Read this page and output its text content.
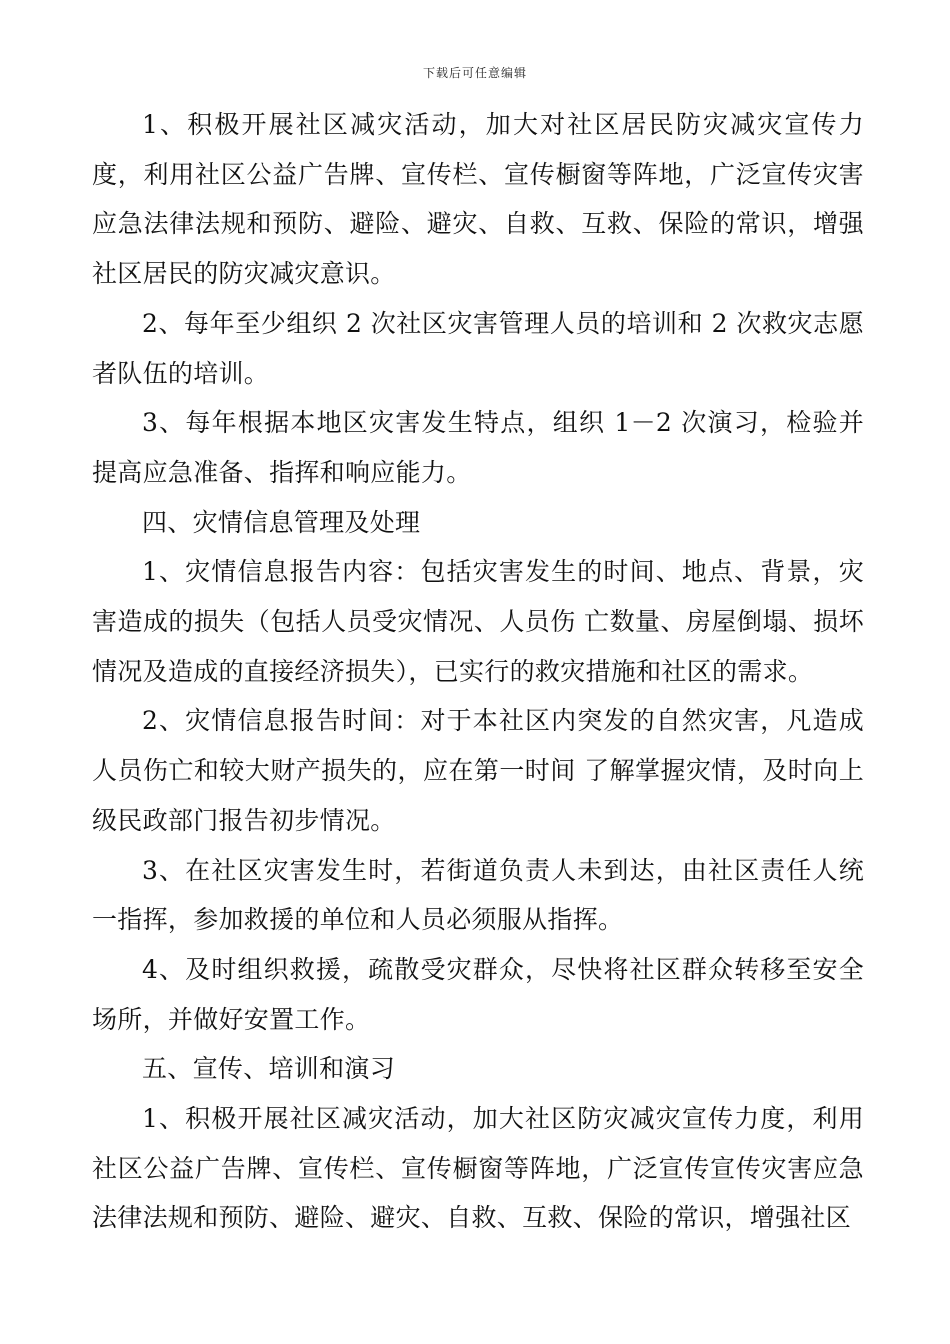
下载后可任意编辑

1、积极开展社区减灾活动，加大对社区居民防灾减灾宣传力度，利用社区公益广告牌、宣传栏、宣传橱窗等阵地，广泛宣传灾害应急法律法规和预防、避险、避灾、自救、互救、保险的常识，增强社区居民的防灾减灾意识。

2、每年至少组织 2 次社区灾害管理人员的培训和 2 次救灾志愿者队伍的培训。

3、每年根据本地区灾害发生特点，组织 1－2 次演习，检验并提高应急准备、指挥和响应能力。

四、灾情信息管理及处理

1、灾情信息报告内容：包括灾害发生的时间、地点、背景，灾害造成的损失（包括人员受灾情况、人员伤 亡数量、房屋倒塌、损坏情况及造成的直接经济损失），已实行的救灾措施和社区的需求。

2、灾情信息报告时间：对于本社区内突发的自然灾害，凡造成人员伤亡和较大财产损失的，应在第一时间 了解掌握灾情，及时向上级民政部门报告初步情况。

3、在社区灾害发生时，若街道负责人未到达，由社区责任人统一指挥，参加救援的单位和人员必须服从指挥。

4、及时组织救援，疏散受灾群众，尽快将社区群众转移至安全场所，并做好安置工作。

五、宣传、培训和演习

1、积极开展社区减灾活动，加大社区防灾减灾宣传力度，利用社区公益广告牌、宣传栏、宣传橱窗等阵地，广泛宣传宣传灾害应急法律法规和预防、避险、避灾、自救、互救、保险的常识，增强社区
